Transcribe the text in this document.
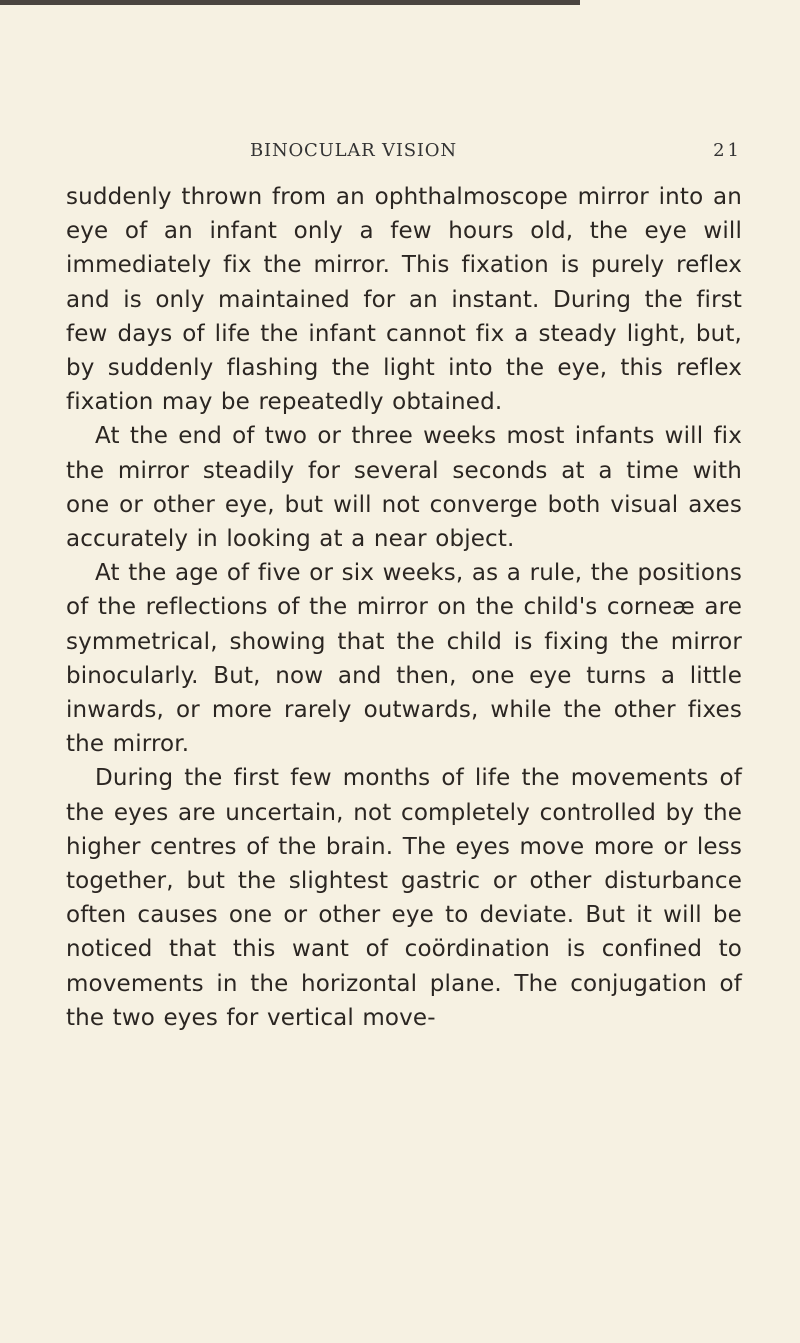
BINOCULAR VISION	21

suddenly thrown from an ophthalmoscope mirror into an eye of an infant only a few hours old, the eye will immediately fix the mirror. This fixation is purely reflex and is only maintained for an instant. During the first few days of life the infant cannot fix a steady light, but, by suddenly flashing the light into the eye, this reflex fixation may be repeatedly obtained.

At the end of two or three weeks most infants will fix the mirror steadily for several seconds at a time with one or other eye, but will not converge both visual axes accurately in looking at a near object.

At the age of five or six weeks, as a rule, the positions of the reflections of the mirror on the child's corneæ are symmetrical, showing that the child is fixing the mirror binocularly. But, now and then, one eye turns a little inwards, or more rarely outwards, while the other fixes the mirror.

During the first few months of life the movements of the eyes are uncertain, not completely controlled by the higher centres of the brain. The eyes move more or less together, but the slightest gastric or other disturbance often causes one or other eye to deviate. But it will be noticed that this want of coördination is confined to movements in the horizontal plane. The conjugation of the two eyes for vertical move-
